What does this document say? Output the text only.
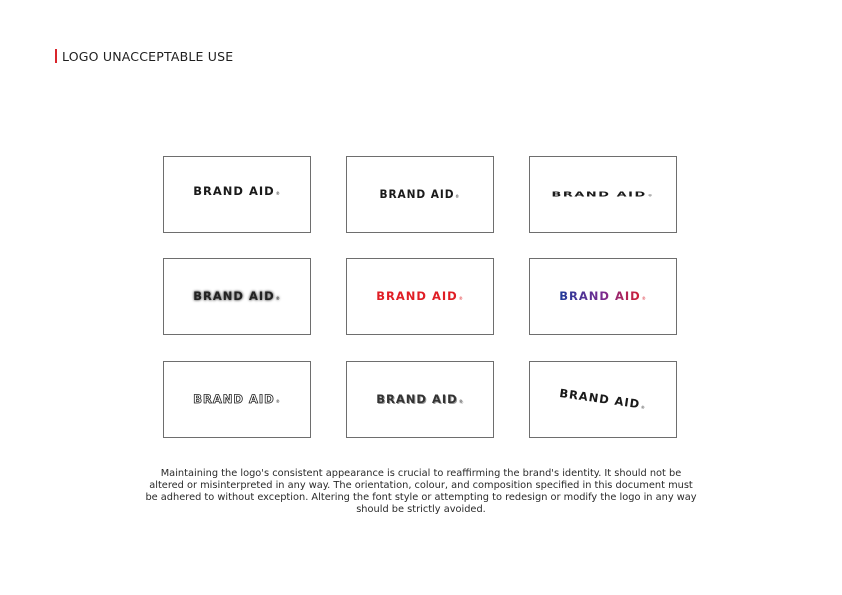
LOGO UNACCEPTABLE USE
BRAND AID®	BRAND AID®	BRAND AID®
BRAND AID®	BRAND AID®	BRAND AID®
BRAND AID®	BRAND AID®	BRAND AID®
Maintaining the logo's consistent appearance is crucial to reaffirming the brand's identity. It should not be altered or misinterpreted in any way. The orientation, colour, and composition specified in this document must be adhered to without exception. Altering the font style or attempting to redesign or modify the logo in any way should be strictly avoided.
